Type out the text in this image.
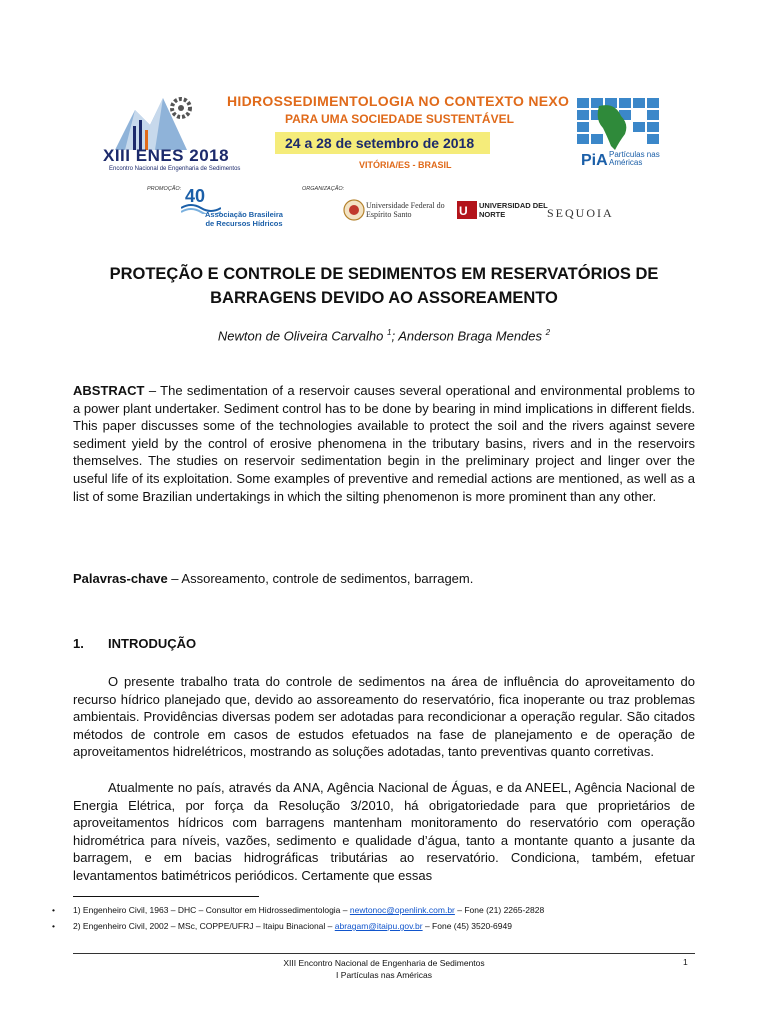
XIII ENES 2018
Encontro Nacional de Engenharia de Sedimentos
HIDROSSEDIMENTOLOGIA NO CONTEXTO NEXO
PARA UMA SOCIEDADE SUSTENTÁVEL
24 a 28 de setembro de 2018
VITÓRIA/ES - BRASIL	PiA Partículas nas Américas
PROMOÇÃO: 40
Associação Brasileira de Recursos Hídricos
ORGANIZAÇÃO:
Universidade Federal do Espírito Santo	U UNIVERSIDAD DEL NORTE	SEQUOIA
PROTEÇÃO E CONTROLE DE SEDIMENTOS EM RESERVATÓRIOS DE BARRAGENS DEVIDO AO ASSOREAMENTO
Newton de Oliveira Carvalho $^1$; Anderson Braga Mendes $^2$
ABSTRACT – The sedimentation of a reservoir causes several operational and environmental problems to a power plant undertaker. Sediment control has to be done by bearing in mind implications in different fields. This paper discusses some of the technologies available to protect the soil and the rivers against severe sediment yield by the control of erosive phenomena in the tributary basins, rivers and in the reservoirs themselves. The studies on reservoir sedimentation begin in the preliminary project and linger over the useful life of its exploitation. Some examples of preventive and remedial actions are mentioned, as well as a list of some Brazilian undertakings in which the silting phenomenon is more prominent than any other.
Palavras-chave – Assoreamento, controle de sedimentos, barragem.
1. INTRODUÇÃO
O presente trabalho trata do controle de sedimentos na área de influência do aproveitamento do recurso hídrico planejado que, devido ao assoreamento do reservatório, fica inoperante ou traz problemas ambientais. Providências diversas podem ser adotadas para recondicionar a operação regular. São citados métodos de controle em casos de estudos efetuados na fase de planejamento e de operação de aproveitamentos hidrelétricos, mostrando as soluções adotadas, tanto preventivas quanto corretivas.
Atualmente no país, através da ANA, Agência Nacional de Águas, e da ANEEL, Agência Nacional de Energia Elétrica, por força da Resolução 3/2010, há obrigatoriedade para que proprietários de aproveitamentos hídricos com barragens mantenham monitoramento do reservatório com operação hidrométrica para níveis, vazões, sedimento e qualidade d’água, tanto a montante quanto a jusante da barragem, e em bacias hidrográficas tributárias ao reservatório. Condiciona, também, efetuar levantamentos batimétricos periódicos. Certamente que essas
• 1) Engenheiro Civil, 1963 – DHC – Consultor em Hidrossedimentologia – newtonoc@openlink.com.br – Fone (21) 2265-2828
• 2) Engenheiro Civil, 2002 – MSc, COPPE/UFRJ – Itaipu Binacional – abragam@itaipu.gov.br – Fone (45) 3520-6949
XIII Encontro Nacional de Engenharia de Sedimentos
I Partículas nas Américas
1
